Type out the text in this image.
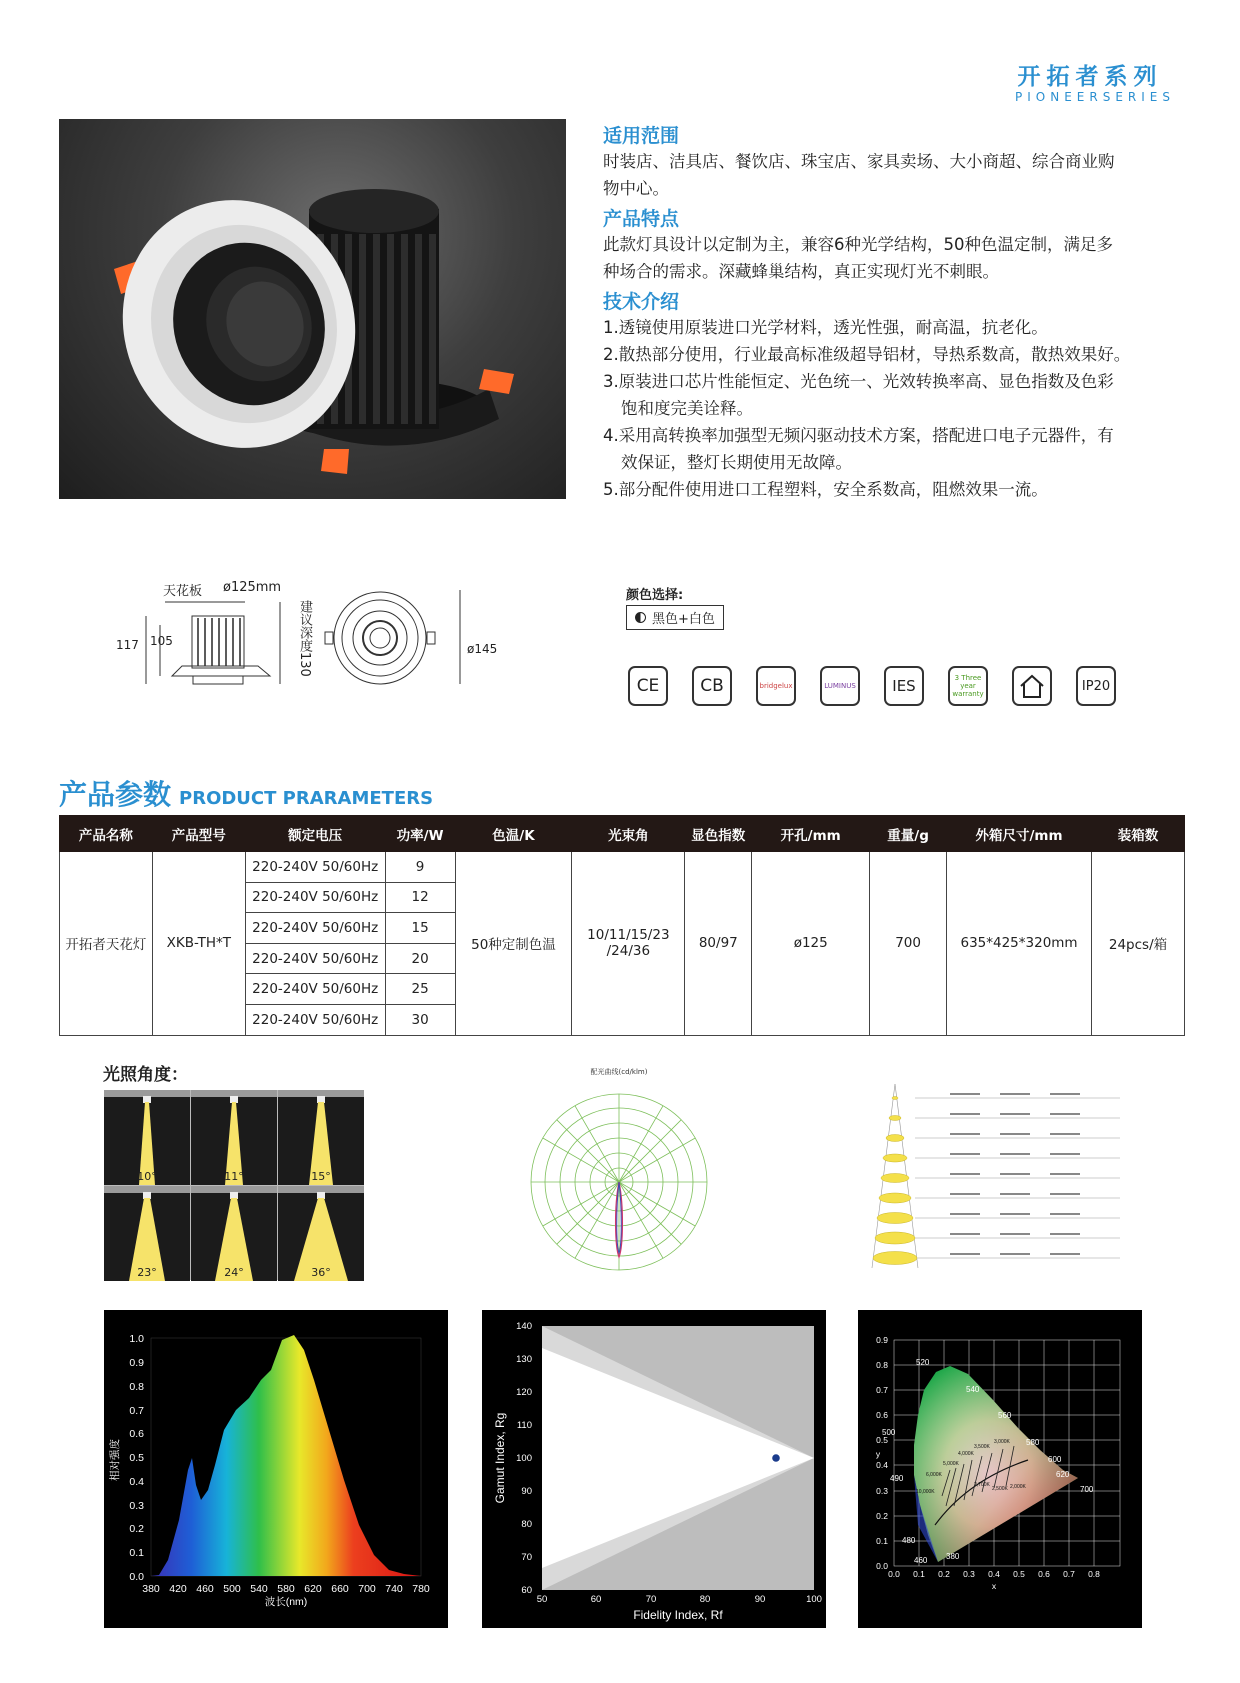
开拓者系列
PIONEERSERIES
适用范围
时装店、洁具店、餐饮店、珠宝店、家具卖场、大小商超、综合商业购
物中心。
产品特点
此款灯具设计以定制为主，兼容6种光学结构，50种色温定制，满足多
种场合的需求。深藏蜂巢结构，真正实现灯光不刺眼。
技术介绍
1.透镜使用原装进口光学材料，透光性强，耐高温，抗老化。
2.散热部分使用，行业最高标准级超导铝材，导热系数高，散热效果好。
3.原装进口芯片性能恒定、光色统一、光效转换率高、显色指数及色彩
饱和度完美诠释。
4.采用高转换率加强型无频闪驱动技术方案，搭配进口电子元器件，有
效保证，整灯长期使用无故障。
5.部分配件使用进口工程塑料，安全系数高，阻燃效果一流。
天花板 ø125mm
117 105	建议深度130	ø145
颜色选择:
黑色+白色
CE	CB	bridgelux	LUMINUS	IES	3 Three year warranty
IP20
产品参数 PRODUCT PRARAMETERS
产品名称	产品型号	额定电压	功率/W	色温/K	光束角	显色指数	开孔/mm	重量/g	外箱尺寸/mm	装箱数
开拓者天花灯	XKB-TH*T	220-240V 50/60Hz	9	50种定制色温	10/11/15/23
/24/36	80/97	ø125	700	635*425*320mm	24pcs/箱
		220-240V 50/60Hz	12							
		220-240V 50/60Hz	15							
		220-240V 50/60Hz	20							
		220-240V 50/60Hz	25							
		220-240V 50/60Hz	30							
光照角度：
10°	11°	15°
23°	24°	36°
配光曲线(cd/klm)
0.0
0.1
0.2
0.3
0.4
0.5
0.6
0.7
0.8
0.9
1.0
380 420 460 500 540 580 620 660 700 740 780
波长(nm)
相对强度
60
70
80
90
100
110
120
130
140
50	60	70	80	90	100
Fidelity Index, Rf
Gamut Index, Rg
0.0
0.1
0.2
0.3
0.4
0.5
0.6
0.7
0.8
0.9
0.0 0.1 0.2 0.3 0.4 0.5 0.6 0.7 0.8
x
y
520
540
560
580
600
620
700
500
490
480
460 380
10,000K
6,000K
5,000K
4,000K
3,500K
3,000K
2,700K
2,500K 2,000K
